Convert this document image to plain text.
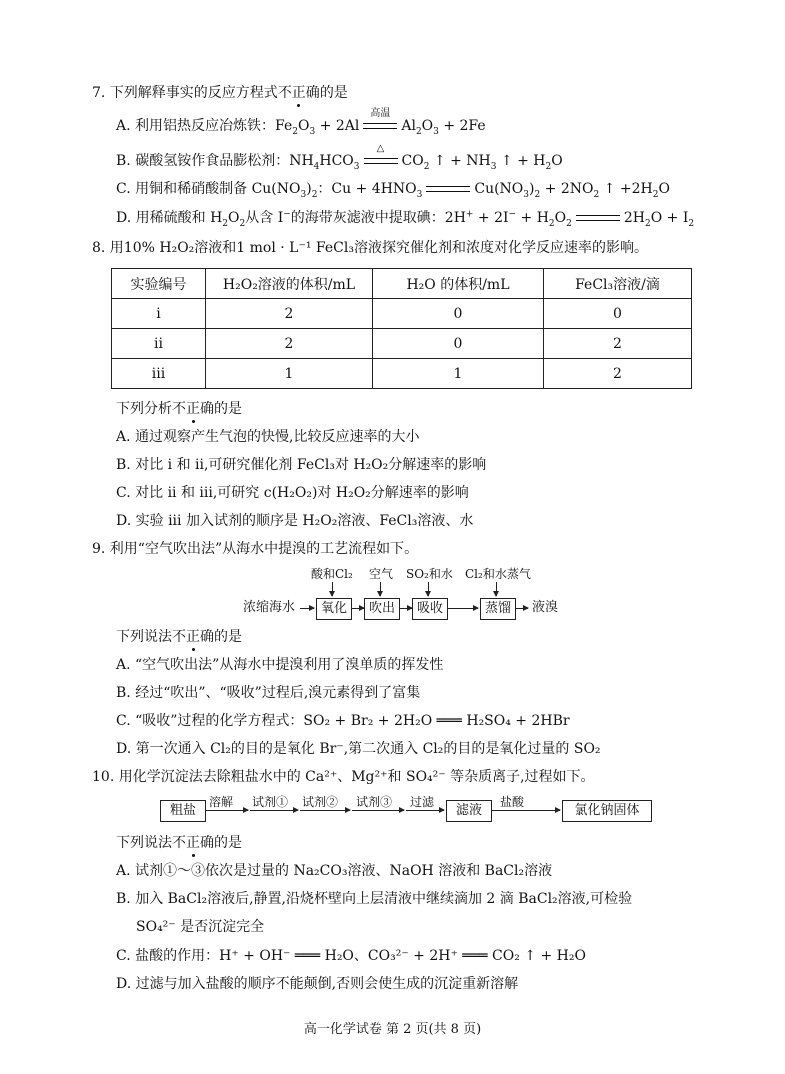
7. 下列解释事实的反应方程式不正确的是
A. 利用铝热反应冶炼铁：$Fe_2O_3 + 2Al$
高温
$Al_2O_3 + 2Fe$
B. 碳酸氢铵作食品膨松剂：$NH_4HCO_3$
△
$CO_2$ ↑ + $NH_3$ ↑ + $H_2O$
C. 用铜和稀硝酸制备 $Cu(NO_3)_2$：$Cu + 4HNO_3$	$Cu(NO_3)_2 + 2NO_2$ ↑ $+2H_2O$
D. 用稀硫酸和 $H_2O_2$从含 I−的海带灰滤液中提取碘：$2H^+ + 2I^- + H_2O_2$	$2H_2O + I_2$
8. 用10% H₂O₂溶液和1 mol · L⁻¹ FeCl₃溶液探究催化剂和浓度对化学反应速率的影响。
实验编号	H₂O₂溶液的体积/mL	H₂O 的体积/mL	FeCl₃溶液/滴
i	2	0	0
ii	2	0	2
iii	1	1	2
下列分析不正确的是
A. 通过观察产生气泡的快慢,比较反应速率的大小
B. 对比 i 和 ii,可研究催化剂 FeCl₃对 H₂O₂分解速率的影响
C. 对比 ii 和 iii,可研究 c(H₂O₂)对 H₂O₂分解速率的影响
D. 实验 iii 加入试剂的顺序是 H₂O₂溶液、FeCl₃溶液、水
9. 利用“空气吹出法”从海水中提溴的工艺流程如下。
酸和Cl₂ 空气 SO₂和水 Cl₂和水蒸气
浓缩海水	氧化	吹出	吸收	蒸馏	液溴
下列说法不正确的是
A. “空气吹出法”从海水中提溴利用了溴单质的挥发性
B. 经过“吹出”、“吸收”过程后,溴元素得到了富集
C. “吸收”过程的化学方程式：SO₂ + Br₂ + 2H₂O ═══ H₂SO₄ + 2HBr
D. 第一次通入 Cl₂的目的是氧化 Br⁻,第二次通入 Cl₂的目的是氧化过量的 SO₂
10. 用化学沉淀法去除粗盐水中的 Ca²⁺、Mg²⁺和 SO₄²⁻ 等杂质离子,过程如下。
粗盐
溶解 试剂① 试剂② 试剂③ 过滤
滤液
盐酸
氯化钠固体
下列说法不正确的是
A. 试剂①～③依次是过量的 Na₂CO₃溶液、NaOH 溶液和 BaCl₂溶液
B. 加入 BaCl₂溶液后,静置,沿烧杯壁向上层清液中继续滴加 2 滴 BaCl₂溶液,可检验
SO₄²⁻ 是否沉淀完全
C. 盐酸的作用：H⁺ + OH⁻ ═══ H₂O、CO₃²⁻ + 2H⁺ ═══ CO₂ ↑ + H₂O
D. 过滤与加入盐酸的顺序不能颠倒,否则会使生成的沉淀重新溶解
高一化学试卷 第 2 页(共 8 页)
